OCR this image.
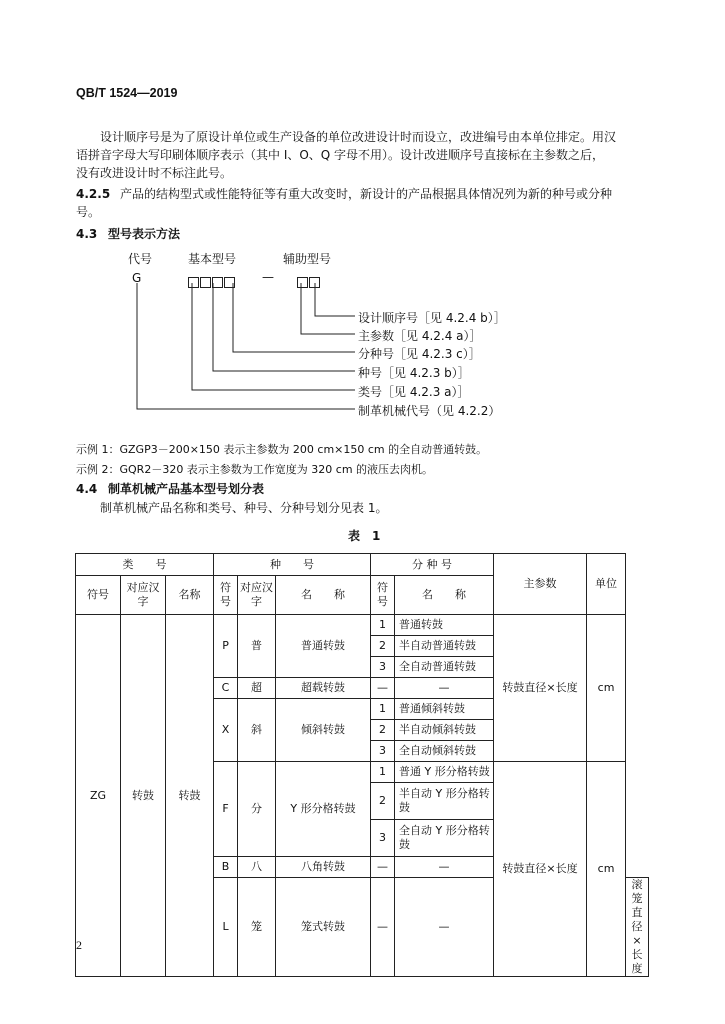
QB/T 1524—2019
设计顺序号是为了原设计单位或生产设备的单位改进设计时而设立，改进编号由本单位排定。用汉
语拼音字母大写印刷体顺序表示（其中 I、O、Q 字母不用）。设计改进顺序号直接标在主参数之后，
没有改进设计时不标注此号。
4.2.5 产品的结构型式或性能特征等有重大改变时，新设计的产品根据具体情况列为新的种号或分种
号。
4.3 型号表示方法
代号	基本型号	辅助型号
G	—
设计顺序号［见 4.2.4 b）］
主参数［见 4.2.4 a）］
分种号［见 4.2.3 c）］
种号［见 4.2.3 b）］
类号［见 4.2.3 a）］
制革机械代号（见 4.2.2）
示例 1：GZGP3－200×150 表示主参数为 200 cm×150 cm 的全自动普通转鼓。
示例 2：GQR2－320 表示主参数为工作宽度为 320 cm 的液压去肉机。
4.4 制革机械产品基本型号划分表
制革机械产品名称和类号、种号、分种号划分见表 1。
表　1
类　　号			种　　号			分 种 号		主参数	单位	
符号	对应汉字	名称	符号	对应汉字	名　　称	符号	名　　称			
ZG	转鼓	转鼓	P	普	普通转鼓	1	普通转鼓	转鼓直径×长度	cm	
						2	半自动普通转鼓			
						3	全自动普通转鼓			
			C	超	超载转鼓	—	—			
			X	斜	倾斜转鼓	1	普通倾斜转鼓			
						2	半自动倾斜转鼓			
						3	全自动倾斜转鼓			
			F	分	Y 形分格转鼓	1	普通 Y 形分格转鼓	转鼓直径×长度	cm	
						2	半自动 Y 形分格转鼓			
						3	全自动 Y 形分格转鼓			
			B	八	八角转鼓	—	—			
			L	笼	笼式转鼓	—	—			滚笼直径×长度
2
